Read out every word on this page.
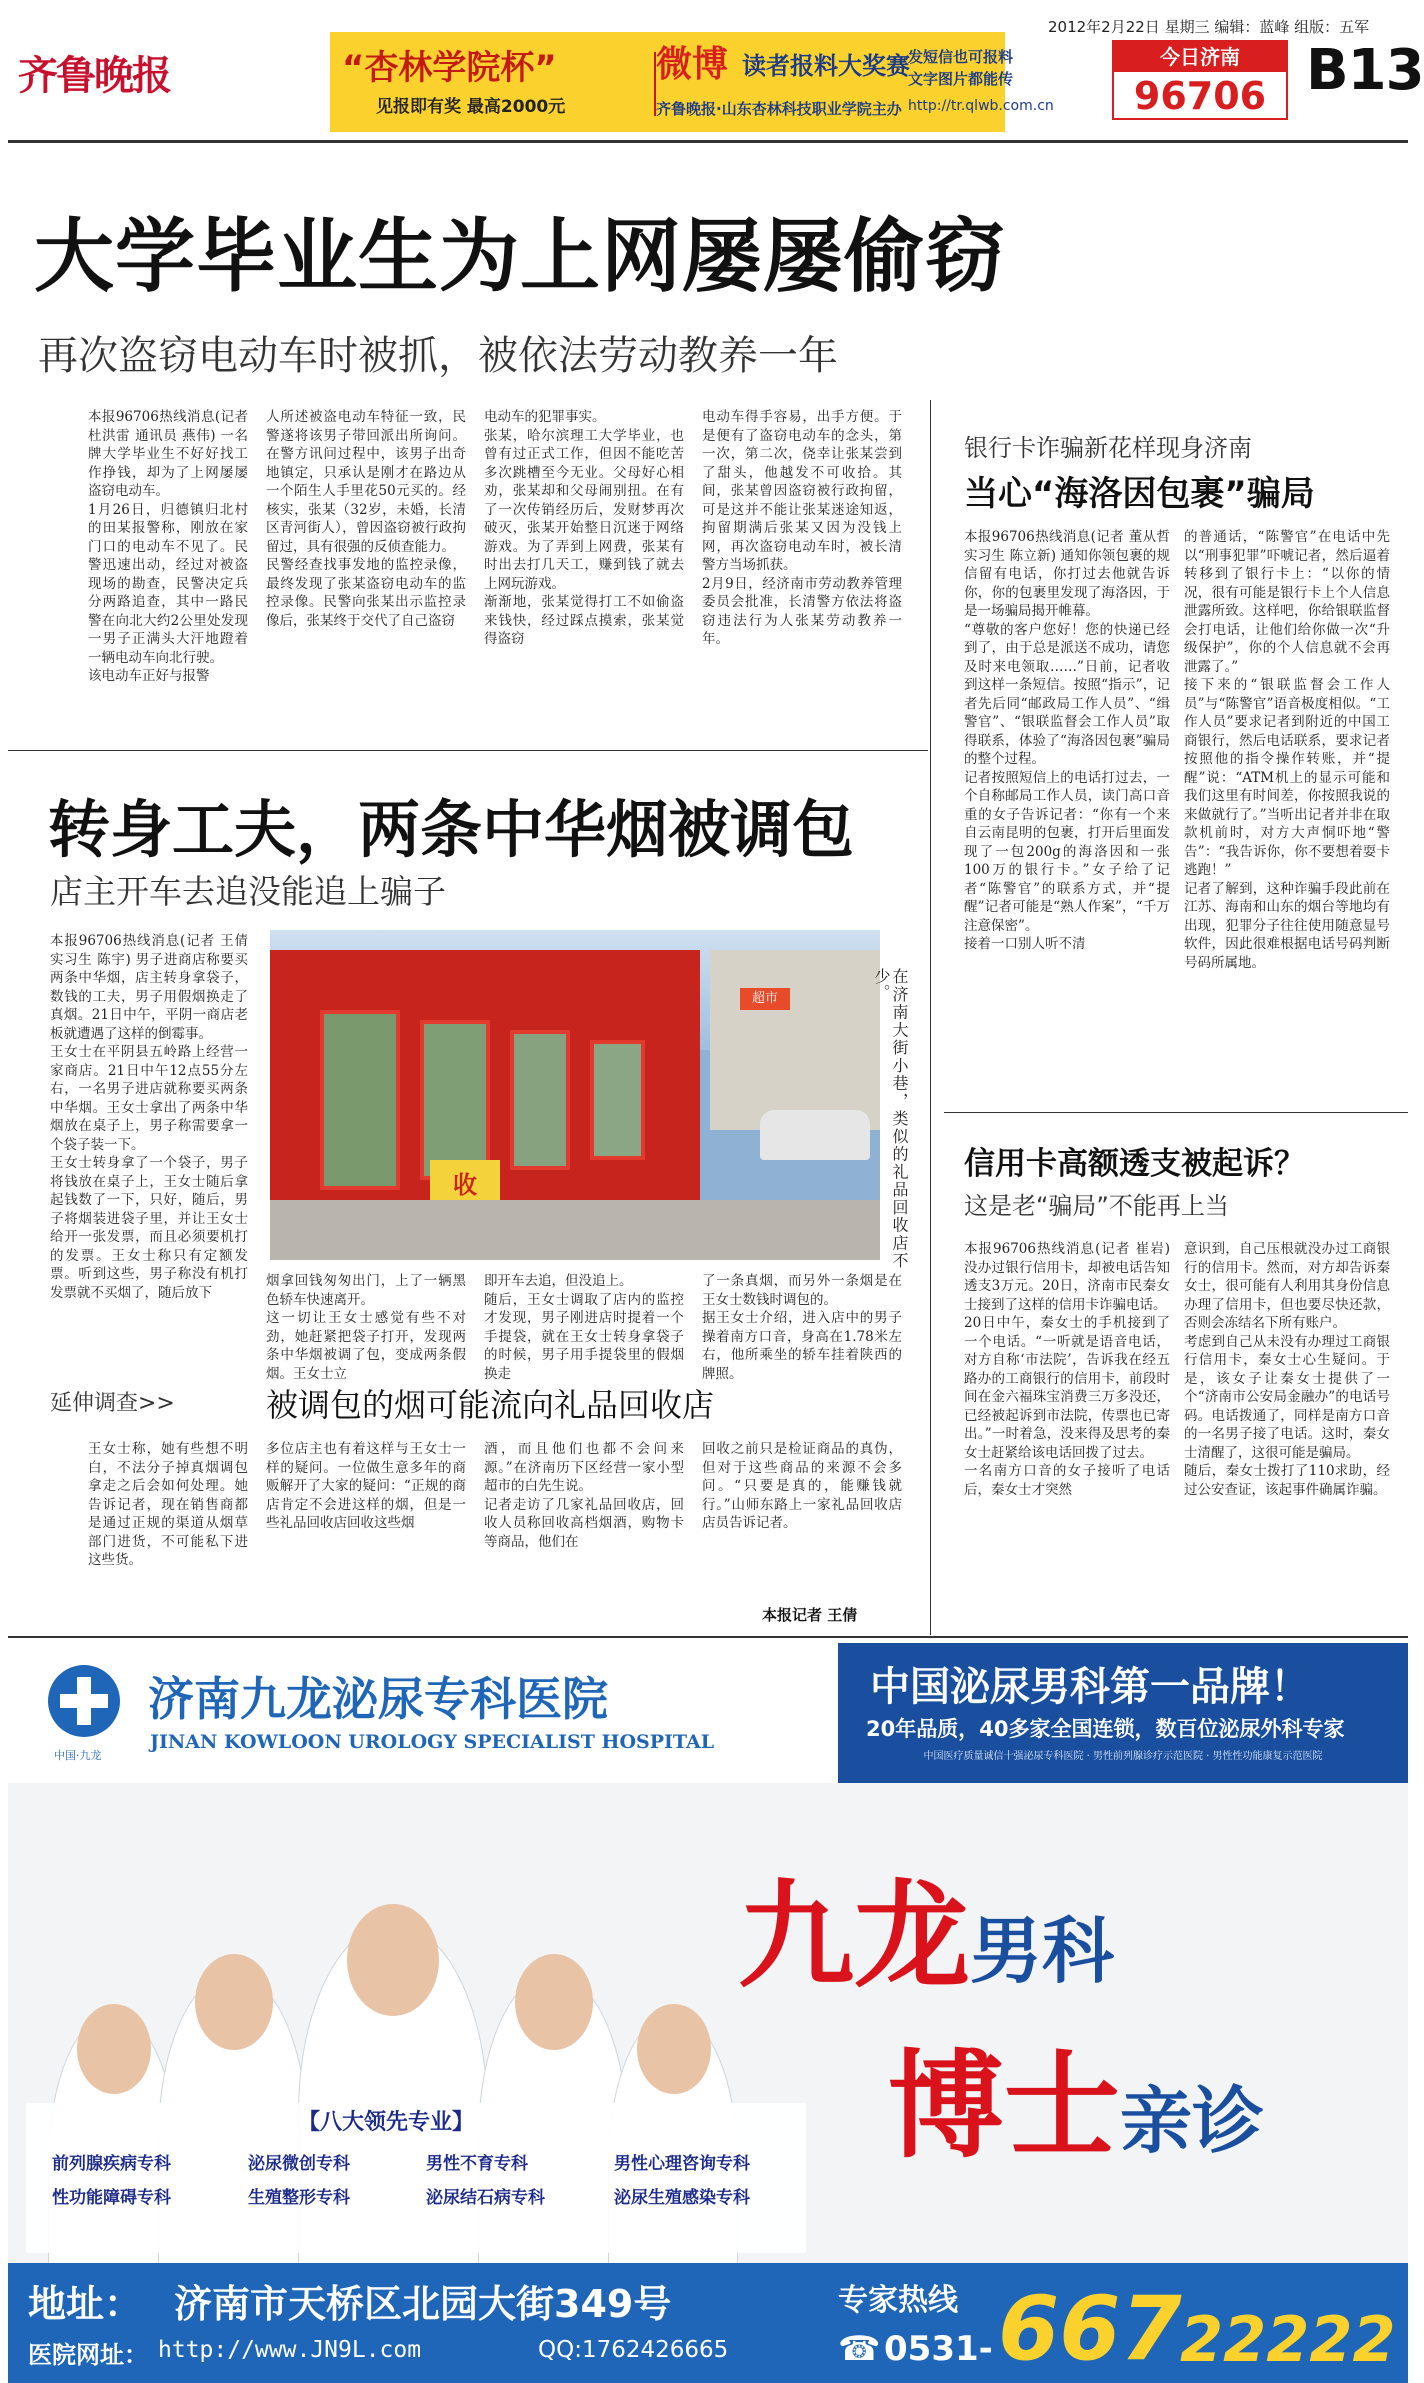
齐鲁晚报	“杏林学院杯”
见报即有奖 最高2000元
微博 读者报料大奖赛
齐鲁晚报·山东杏林科技职业学院主办
发短信也可报料
文字图片都能传
http://tr.qlwb.com.cn
2012年2月22日 星期三 编辑：蓝峰 组版：五军
今日济南
96706 B13
大学毕业生为上网屡屡偷窃
再次盗窃电动车时被抓，被依法劳动教养一年
本报96706热线消息(记者 杜洪雷 通讯员 燕伟) 一名牌大学毕业生不好好找工作挣钱，却为了上网屡屡盗窃电动车。
1月26日，归德镇归北村的田某报警称，刚放在家门口的电动车不见了。民警迅速出动，经过对被盗现场的勘查，民警决定兵分两路追查，其中一路民警在向北大约2公里处发现一男子正满头大汗地蹬着一辆电动车向北行驶。
该电动车正好与报警
人所述被盗电动车特征一致，民警遂将该男子带回派出所询问。在警方讯问过程中，该男子出奇地镇定，只承认是刚才在路边从一个陌生人手里花50元买的。经核实，张某（32岁，未婚，长清区青河街人），曾因盗窃被行政拘留过，具有很强的反侦查能力。
民警经查找事发地的监控录像，最终发现了张某盗窃电动车的监控录像。民警向张某出示监控录像后，张某终于交代了自己盗窃
电动车的犯罪事实。
张某，哈尔滨理工大学毕业，也曾有过正式工作，但因不能吃苦多次跳槽至今无业。父母好心相劝，张某却和父母闹别扭。在有了一次传销经历后，发财梦再次破灭，张某开始整日沉迷于网络游戏。为了弄到上网费，张某有时出去打几天工，赚到钱了就去上网玩游戏。
渐渐地，张某觉得打工不如偷盗来钱快，经过踩点摸索，张某觉得盗窃
电动车得手容易，出手方便。于是便有了盗窃电动车的念头，第一次，第二次，侥幸让张某尝到了甜头，他越发不可收拾。其间，张某曾因盗窃被行政拘留，可是这并不能让张某迷途知返，拘留期满后张某又因为没钱上网，再次盗窃电动车时，被长清警方当场抓获。
2月9日，经济南市劳动教养管理委员会批准，长清警方依法将盗窃违法行为人张某劳动教养一年。
银行卡诈骗新花样现身济南
当心“海洛因包裹”骗局
本报96706热线消息(记者 董从哲 实习生 陈立新) 通知你领包裹的规信留有电话，你打过去他就告诉你，你的包裹里发现了海洛因，于是一场骗局揭开帷幕。
“尊敬的客户您好！您的快递已经到了，由于总是派送不成功，请您及时来电领取……”日前，记者收到这样一条短信。按照“指示”，记者先后同“邮政局工作人员”、“缉警官”、“银联监督会工作人员”取得联系，体验了“海洛因包裹”骗局的整个过程。
记者按照短信上的电话打过去，一个自称邮局工作人员，读门高口音重的女子告诉记者：“你有一个来自云南昆明的包裹，打开后里面发现了一包200g的海洛因和一张100万的银行卡。”女子给了记者“陈警官”的联系方式，并“提醒”记者可能是“熟人作案”，“千万注意保密”。
接着一口别人听不清
的普通话，“陈警官”在电话中先以“刑事犯罪”吓唬记者，然后逼着转移到了银行卡上：“以你的情况，很有可能是银行卡上个人信息泄露所致。这样吧，你给银联监督会打电话，让他们给你做一次“升级保护”，你的个人信息就不会再泄露了。”
接下来的“银联监督会工作人员”与“陈警官”语音极度相似。“工作人员”要求记者到附近的中国工商银行，然后电话联系，要求记者按照他的指令操作转账，并“提醒”说：“ATM机上的显示可能和我们这里有时间差，你按照我说的来做就行了。”当听出记者并非在取款机前时，对方大声恫吓地“警告”：“我告诉你，你不要想着耍卡逃跑！”
记者了解到，这种诈骗手段此前在江苏、海南和山东的烟台等地均有出现，犯罪分子往往使用随意显号软件，因此很难根据电话号码判断号码所属地。
转身工夫，两条中华烟被调包
店主开车去追没能追上骗子
本报96706热线消息(记者 王倩 实习生 陈宇) 男子进商店称要买两条中华烟，店主转身拿袋子，数钱的工夫，男子用假烟换走了真烟。21日中午，平阴一商店老板就遭遇了这样的倒霉事。
王女士在平阴县五岭路上经营一家商店。21日中午12点55分左右，一名男子进店就称要买两条中华烟。王女士拿出了两条中华烟放在桌子上，男子称需要拿一个袋子装一下。
王女士转身拿了一个袋子，男子将钱放在桌子上，王女士随后拿起钱数了一下，只好，随后，男子将烟装进袋子里，并让王女士给开一张发票，而且必须要机打的发票。王女士称只有定额发票。听到这些，男子称没有机打发票就不买烟了，随后放下
收
超市	在济南大街小巷，类似的礼品回收店不少。
烟拿回钱匆匆出门，上了一辆黑色轿车快速离开。
这一切让王女士感觉有些不对劲，她赶紧把袋子打开，发现两条中华烟被调了包，变成两条假烟。王女士立
即开车去追，但没追上。
随后，王女士调取了店内的监控才发现，男子刚进店时提着一个手提袋，就在王女士转身拿袋子的时候，男子用手提袋里的假烟换走
了一条真烟，而另外一条烟是在王女士数钱时调包的。
据王女士介绍，进入店中的男子操着南方口音，身高在1.78米左右，他所乘坐的轿车挂着陕西的牌照。
延伸调查>>	被调包的烟可能流向礼品回收店
王女士称，她有些想不明白，不法分子掉真烟调包拿走之后会如何处理。她告诉记者，现在销售商都是通过正规的渠道从烟草部门进货，不可能私下进这些货。
多位店主也有着这样与王女士一样的疑问。一位做生意多年的商贩解开了大家的疑问：“正规的商店肯定不会进这样的烟，但是一些礼品回收店回收这些烟
酒，而且他们也都不会问来源。”在济南历下区经营一家小型超市的白先生说。
记者走访了几家礼品回收店，回收人员称回收高档烟酒，购物卡等商品，他们在
回收之前只是检证商品的真伪，但对于这些商品的来源不会多问。“只要是真的，能赚钱就行。”山师东路上一家礼品回收店店员告诉记者。
本报记者 王倩
信用卡高额透支被起诉？
这是老“骗局”不能再上当
本报96706热线消息(记者 崔岩) 没办过银行信用卡，却被电话告知透支3万元。20日，济南市民秦女士接到了这样的信用卡诈骗电话。
20日中午，秦女士的手机接到了一个电话。“一听就是语音电话，对方自称‘市法院’，告诉我在经五路办的工商银行的信用卡，前段时间在金六福珠宝消费三万多没还，已经被起诉到市法院，传票也已寄出。”一时着急，没来得及思考的秦女士赶紧给该电话回拨了过去。
一名南方口音的女子接听了电话后，秦女士才突然
意识到，自己压根就没办过工商银行的信用卡。然而，对方却告诉秦女士，很可能有人利用其身份信息办理了信用卡，但也要尽快还款，否则会冻结名下所有账户。
考虑到自己从未没有办理过工商银行信用卡，秦女士心生疑问。于是，该女子让秦女士提供了一个“济南市公安局金融办”的电话号码。电话拨通了，同样是南方口音的一名男子接了电话。这时，秦女士清醒了，这很可能是骗局。
随后，秦女士拨打了110求助，经过公安查证，该起事件确属诈骗。
中国·九龙
济南九龙泌尿专科医院
JINAN KOWLOON UROLOGY SPECIALIST HOSPITAL
中国泌尿男科第一品牌！
20年品质，40多家全国连锁，数百位泌尿外科专家
中国医疗质量诚信十强泌尿专科医院 · 男性前列腺诊疗示范医院 · 男性性功能康复示范医院
九龙男科
博士亲诊
【八大领先专业】
前列腺疾病专科	泌尿微创专科	男性不育专科	男性心理咨询专科
性功能障碍专科	生殖整形专科	泌尿结石病专科	泌尿生殖感染专科
地址： 济南市天桥区北园大街349号
医院网址： http://www.JN9L.com	QQ:1762426665
专家热线
☎ 0531- 667
22222
